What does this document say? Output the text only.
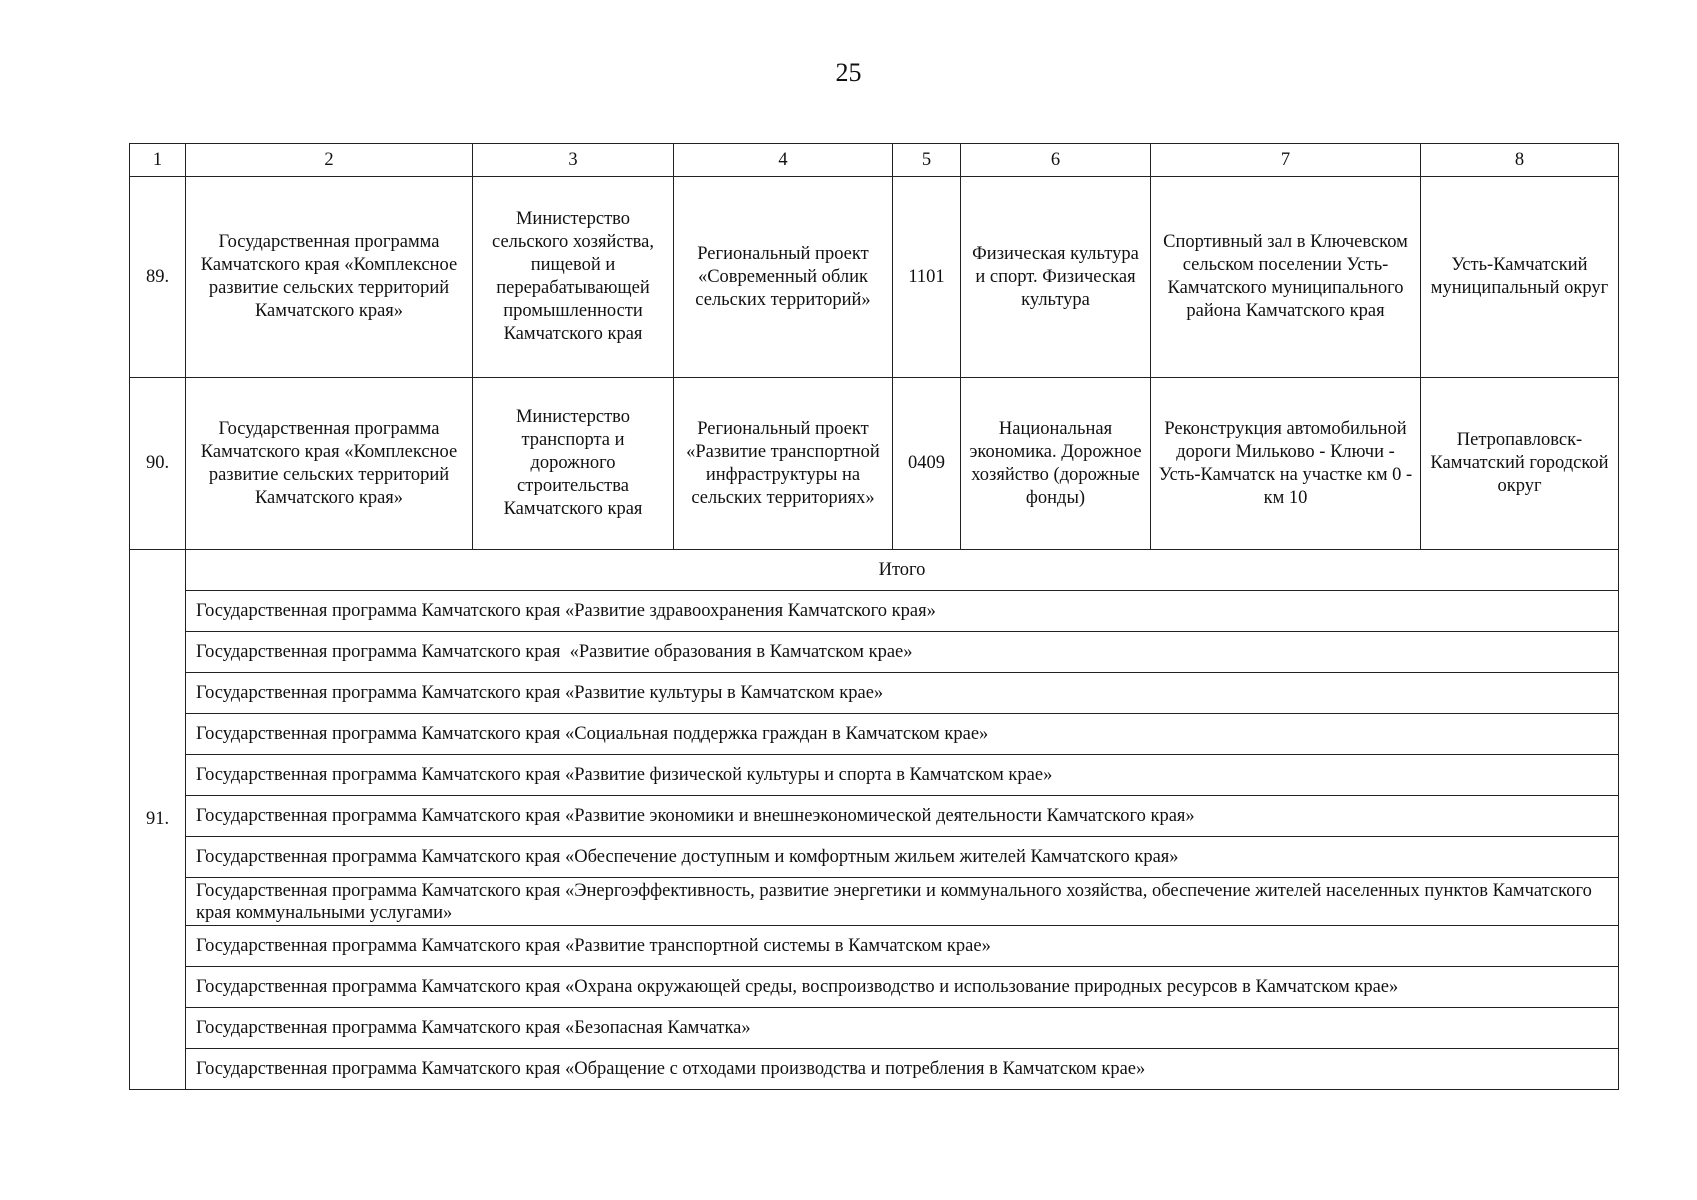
25
1	2	3	4	5	6	7	8
89.	Государственная программа Камчатского края «Комплексное развитие сельских территорий Камчатского края»	Министерство сельского хозяйства, пищевой и перерабатывающей промышленности Камчатского края	Региональный проект «Современный облик сельских территорий»	1101	Физическая культура и спорт. Физическая культура	Спортивный зал в Ключевском сельском поселении Усть-Камчатского муниципального района Камчатского края	Усть-Камчатский муниципальный округ
90.	Государственная программа Камчатского края «Комплексное развитие сельских территорий Камчатского края»	Министерство транспорта и дорожного строительства Камчатского края	Региональный проект «Развитие транспортной инфраструктуры на сельских территориях»	0409	Национальная экономика. Дорожное хозяйство (дорожные фонды)	Реконструкция автомобильной дороги Мильково - Ключи - Усть-Камчатск на участке км 0 - км 10	Петропавловск-Камчатский городской округ
91.	Итого						
	Государственная программа Камчатского края «Развитие здравоохранения Камчатского края»						
	Государственная программа Камчатского края  «Развитие образования в Камчатском крае»						
	Государственная программа Камчатского края «Развитие культуры в Камчатском крае»						
	Государственная программа Камчатского края «Социальная поддержка граждан в Камчатском крае»						
	Государственная программа Камчатского края «Развитие физической культуры и спорта в Камчатском крае»						
	Государственная программа Камчатского края «Развитие экономики и внешнеэкономической деятельности Камчатского края»						
	Государственная программа Камчатского края «Обеспечение доступным и комфортным жильем жителей Камчатского края»						
	Государственная программа Камчатского края «Энергоэффективность, развитие энергетики и коммунального хозяйства, обеспечение жителей населенных пунктов Камчатского края коммунальными услугами»						
	Государственная программа Камчатского края «Развитие транспортной системы в Камчатском крае»						
	Государственная программа Камчатского края «Охрана окружающей среды, воспроизводство и использование природных ресурсов в Камчатском крае»						
	Государственная программа Камчатского края «Безопасная Камчатка»						
	Государственная программа Камчатского края «Обращение с отходами производства и потребления в Камчатском крае»						
